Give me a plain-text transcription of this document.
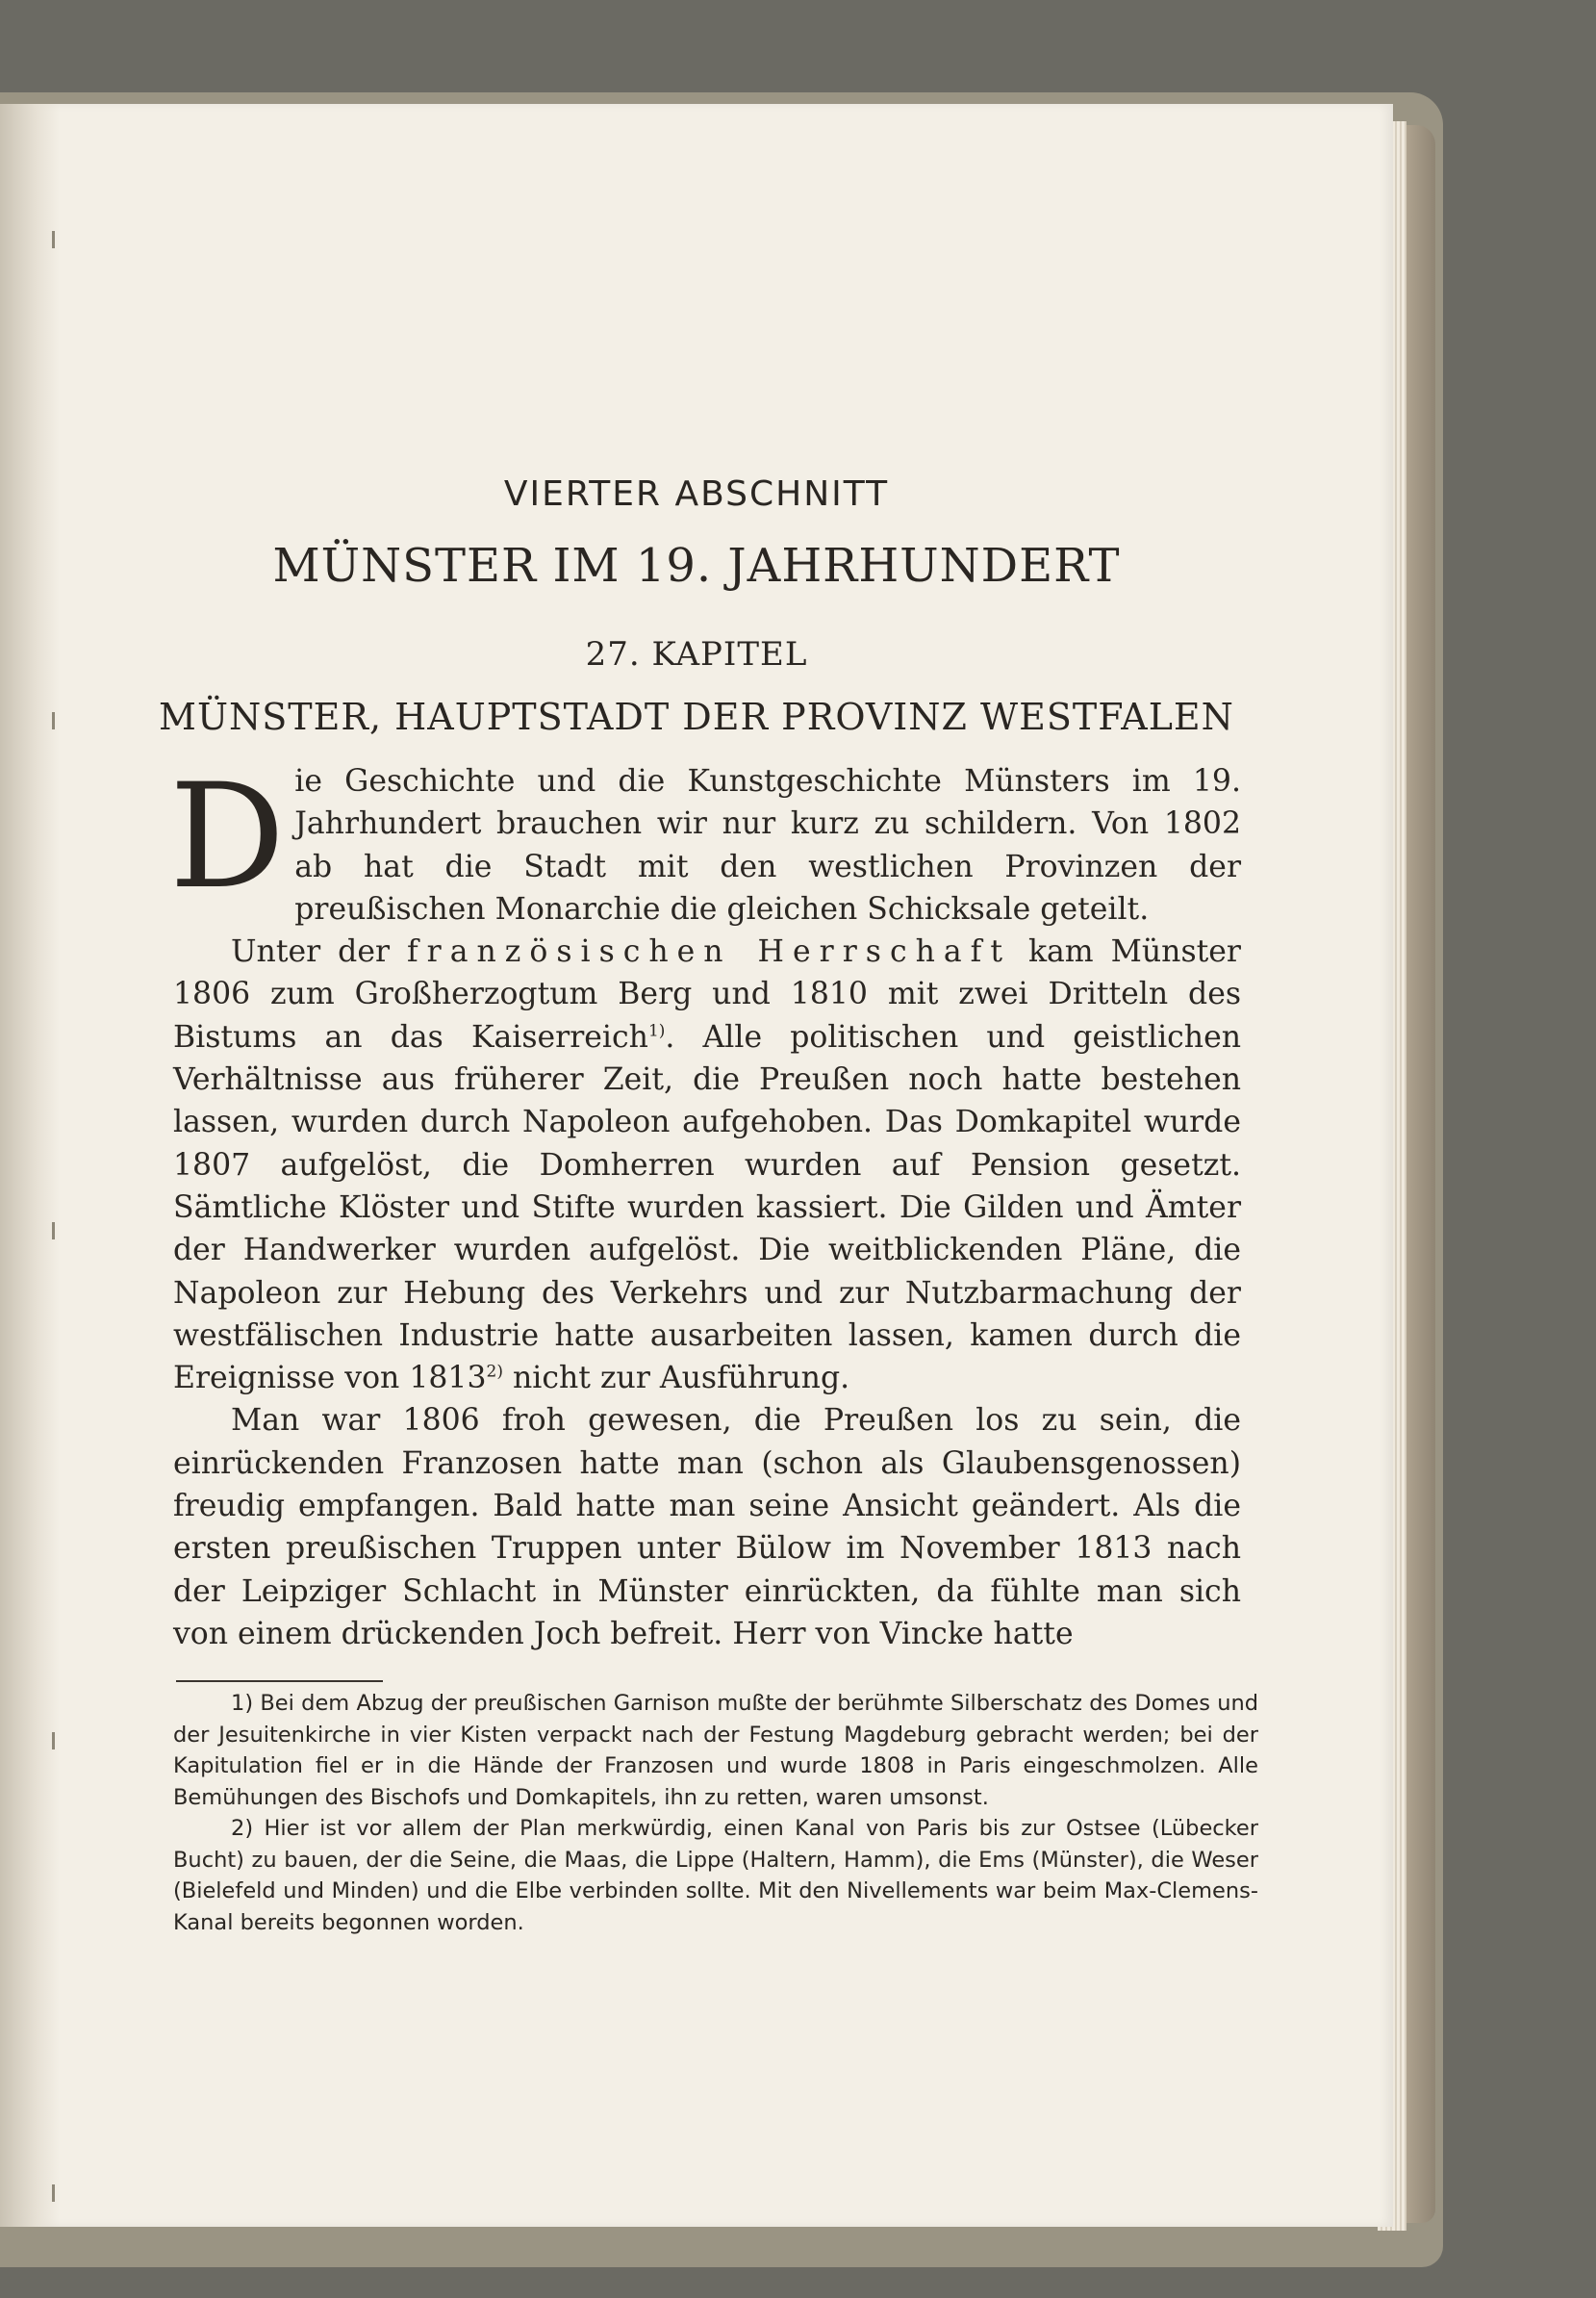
VIERTER ABSCHNITT
MÜNSTER IM 19. JAHRHUNDERT
27. KAPITEL
MÜNSTER, HAUPTSTADT DER PROVINZ WESTFALEN

Die Geschichte und die Kunstgeschichte Münsters im 19. Jahrhundert brauchen wir nur kurz zu schildern. Von 1802 ab hat die Stadt mit den westlichen Provinzen der preußischen Monarchie die gleichen Schicksale geteilt.

Unter der französischen Herrschaft kam Münster 1806 zum Großherzogtum Berg und 1810 mit zwei Dritteln des Bistums an das Kaiserreich$^{1)}$. Alle politischen und geistlichen Verhältnisse aus früherer Zeit, die Preußen noch hatte bestehen lassen, wurden durch Napoleon aufgehoben. Das Domkapitel wurde 1807 aufgelöst, die Domherren wurden auf Pension gesetzt. Sämtliche Klöster und Stifte wurden kassiert. Die Gilden und Ämter der Handwerker wurden aufgelöst. Die weitblickenden Pläne, die Napoleon zur Hebung des Verkehrs und zur Nutzbarmachung der westfälischen Industrie hatte ausarbeiten lassen, kamen durch die Ereignisse von 1813$^{2)}$ nicht zur Ausführung.

Man war 1806 froh gewesen, die Preußen los zu sein, die einrückenden Franzosen hatte man (schon als Glaubensgenossen) freudig empfangen. Bald hatte man seine Ansicht geändert. Als die ersten preußischen Truppen unter Bülow im November 1813 nach der Leipziger Schlacht in Münster einrückten, da fühlte man sich von einem drückenden Joch befreit. Herr von Vincke hatte

1) Bei dem Abzug der preußischen Garnison mußte der berühmte Silberschatz des Domes und der Jesuitenkirche in vier Kisten verpackt nach der Festung Magdeburg gebracht werden; bei der Kapitulation fiel er in die Hände der Franzosen und wurde 1808 in Paris eingeschmolzen. Alle Bemühungen des Bischofs und Domkapitels, ihn zu retten, waren umsonst.

2) Hier ist vor allem der Plan merkwürdig, einen Kanal von Paris bis zur Ostsee (Lübecker Bucht) zu bauen, der die Seine, die Maas, die Lippe (Haltern, Hamm), die Ems (Münster), die Weser (Bielefeld und Minden) und die Elbe verbinden sollte. Mit den Nivellements war beim Max-Clemens-Kanal bereits begonnen worden.
